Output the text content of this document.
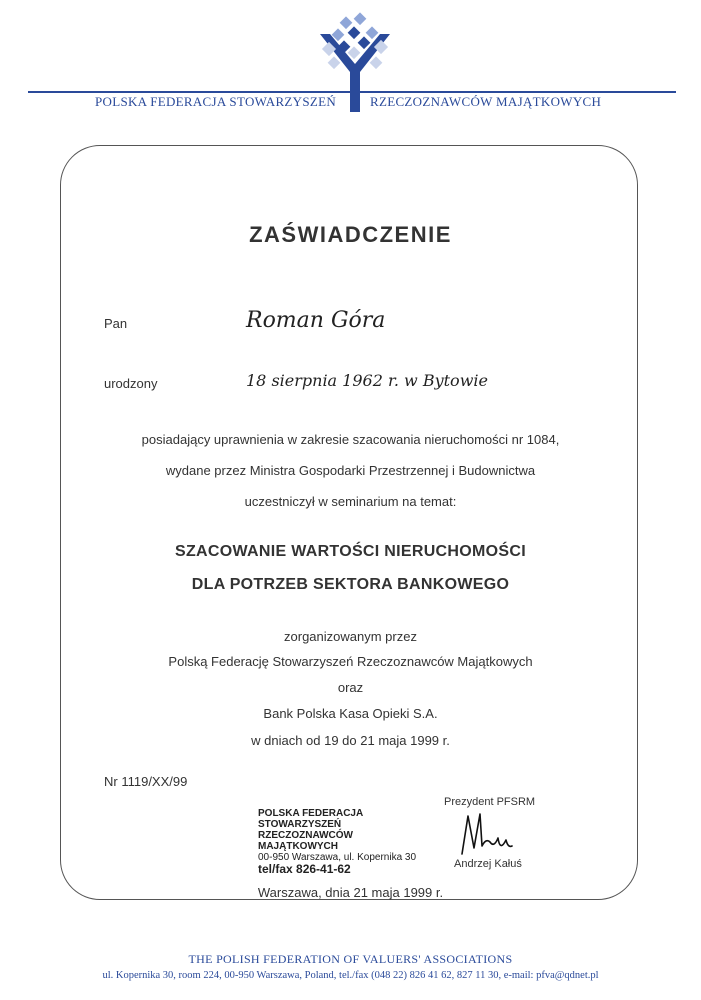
POLSKA FEDERACJA STOWARZYSZEŃ	RZECZOZNAWCÓW MAJĄTKOWYCH
ZAŚWIADCZENIE
Pan	Roman Góra
urodzony	18 sierpnia 1962 r. w Bytowie
posiadający uprawnienia w zakresie szacowania nieruchomości nr 1084,
wydane przez Ministra Gospodarki Przestrzennej i Budownictwa
uczestniczył w seminarium na temat:
SZACOWANIE WARTOŚCI NIERUCHOMOŚCI
DLA POTRZEB SEKTORA BANKOWEGO
zorganizowanym przez
Polską Federację Stowarzyszeń Rzeczoznawców Majątkowych
oraz
Bank Polska Kasa Opieki S.A.
w dniach od 19 do 21 maja 1999 r.
Nr 1119/XX/99
POLSKA FEDERACJA STOWARZYSZEŃ
RZECZOZNAWCÓW MAJĄTKOWYCH
00-950 Warszawa, ul. Kopernika 30
tel/fax 826-41-62
Prezydent PFSRM
Andrzej Kałuś
Warszawa, dnia 21 maja 1999 r.
THE POLISH FEDERATION OF VALUERS' ASSOCIATIONS
ul. Kopernika 30, room 224, 00-950 Warszawa, Poland, tel./fax (048 22) 826 41 62, 827 11 30, e-mail: pfva@qdnet.pl
